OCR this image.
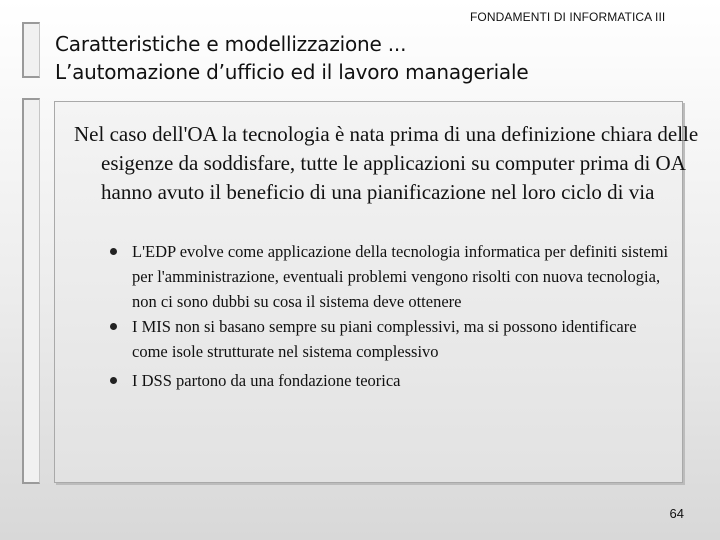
FONDAMENTI DI INFORMATICA III
Caratteristiche e modellizzazione ...
L’automazione d’ufficio ed il lavoro manageriale
Nel caso dell'OA la tecnologia è nata prima di una definizione chiara delle esigenze da soddisfare, tutte le applicazioni su computer prima di OA hanno avuto il beneficio di una pianificazione nel loro ciclo di via
L'EDP evolve come applicazione della tecnologia informatica per definiti sistemi per l'amministrazione, eventuali problemi vengono risolti con nuova tecnologia, non ci sono dubbi su cosa il sistema deve ottenere
I MIS non si basano sempre su piani complessivi, ma si possono identificare come isole strutturate nel sistema complessivo
I DSS partono da una fondazione teorica
64
